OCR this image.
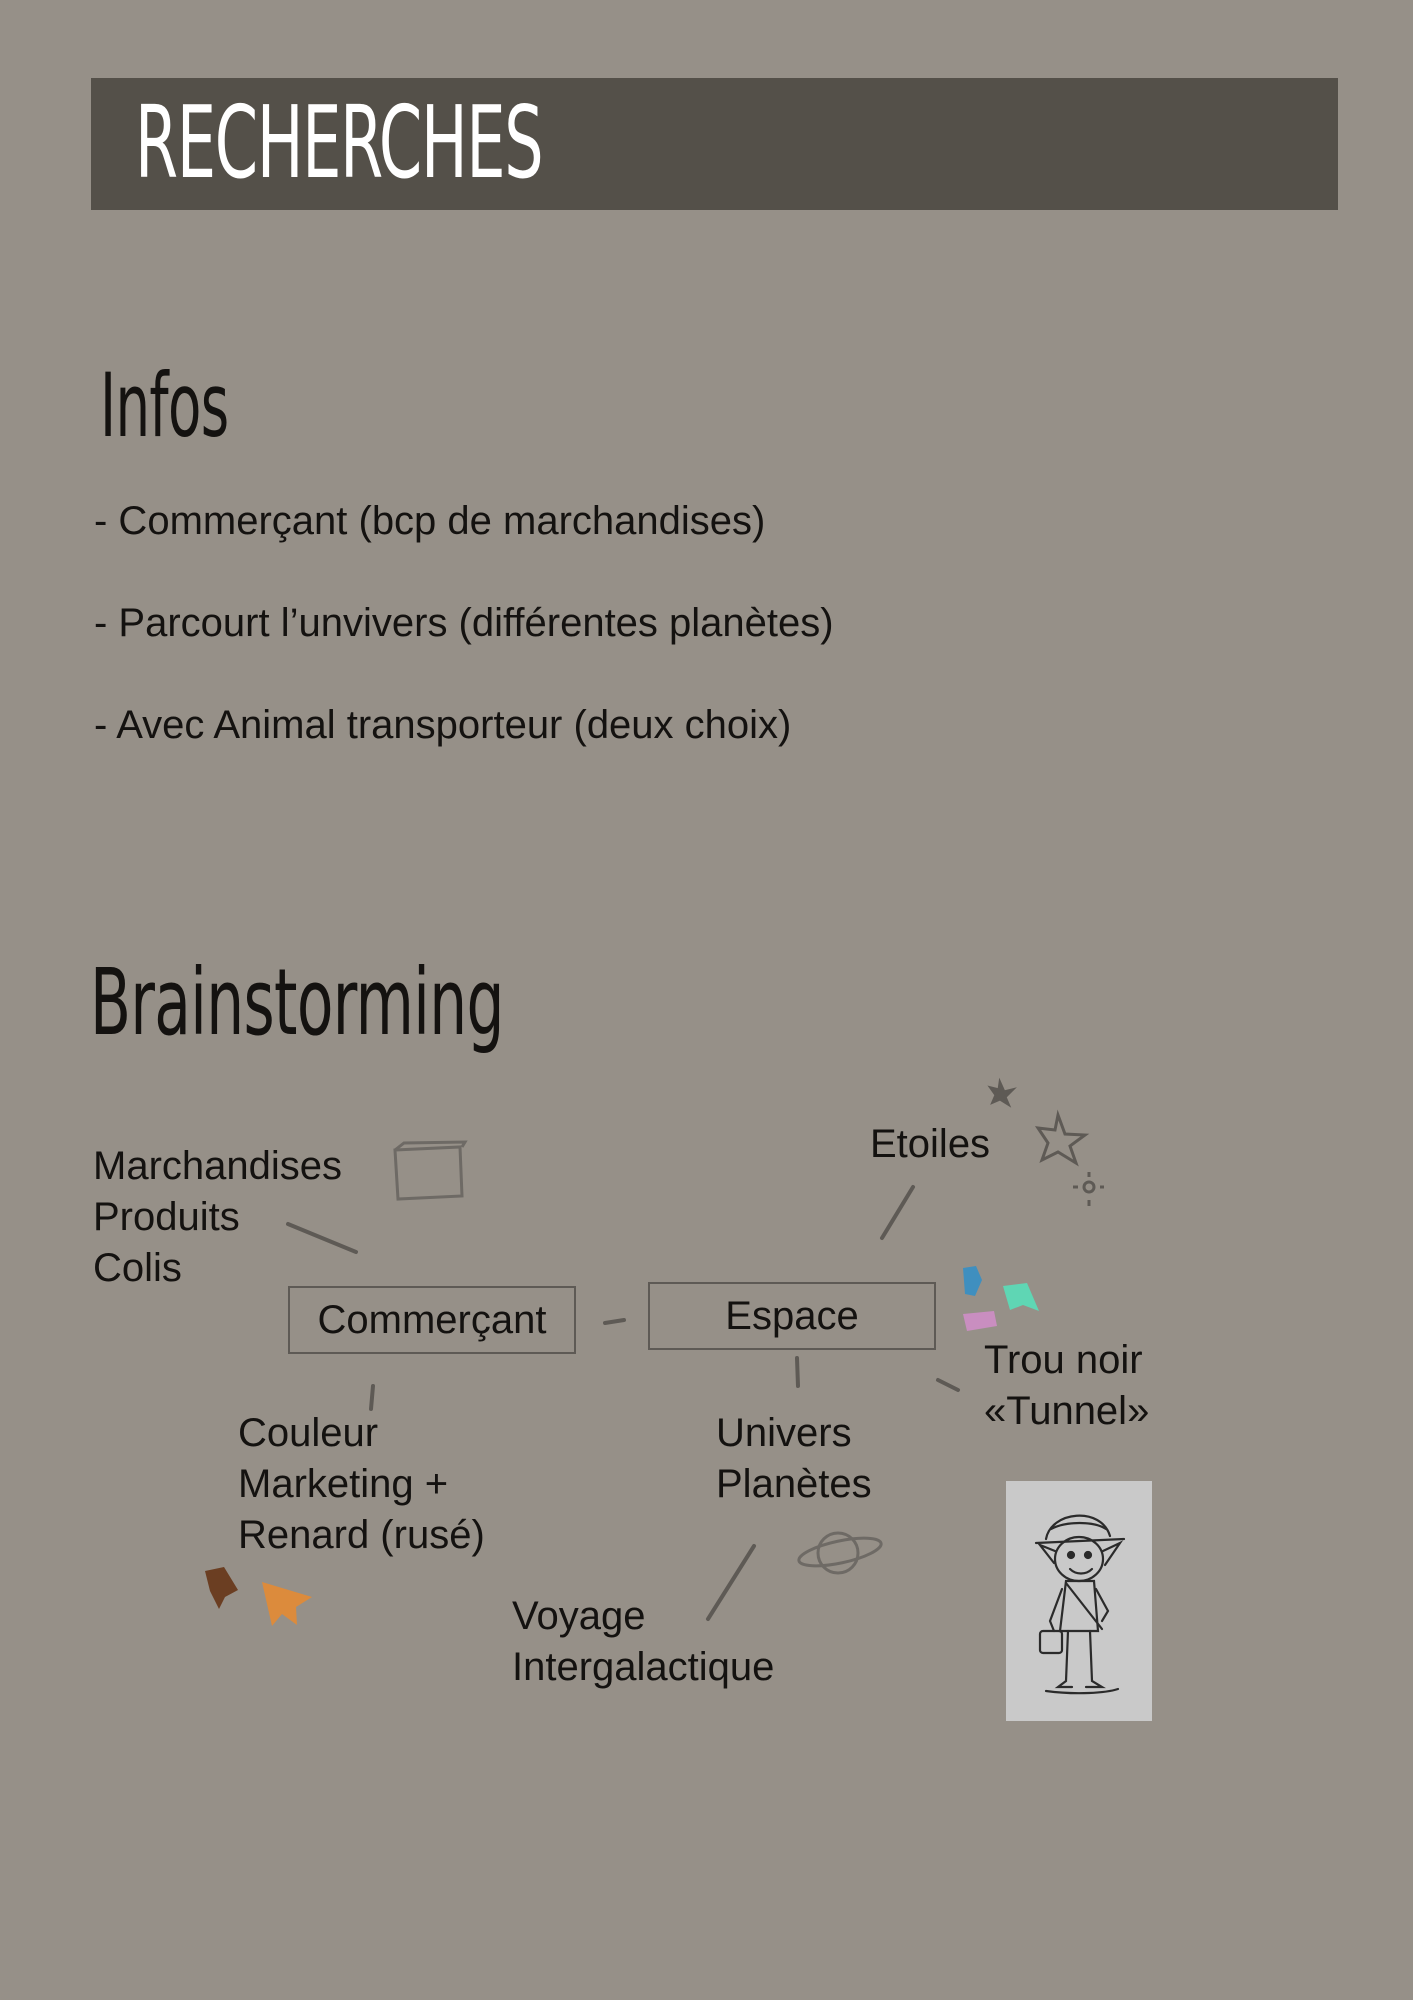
RECHERCHES
Infos
- Commerçant (bcp de marchandises)
- Parcourt l’unvivers (différentes planètes)
- Avec Animal transporteur (deux choix)
Brainstorming
Marchandises
Produits
Colis
Commerçant	Espace
Etoiles
Trou noir
«Tunnel»
Couleur
Marketing +
Renard (rusé)
Univers
Planètes
Voyage
Intergalactique
